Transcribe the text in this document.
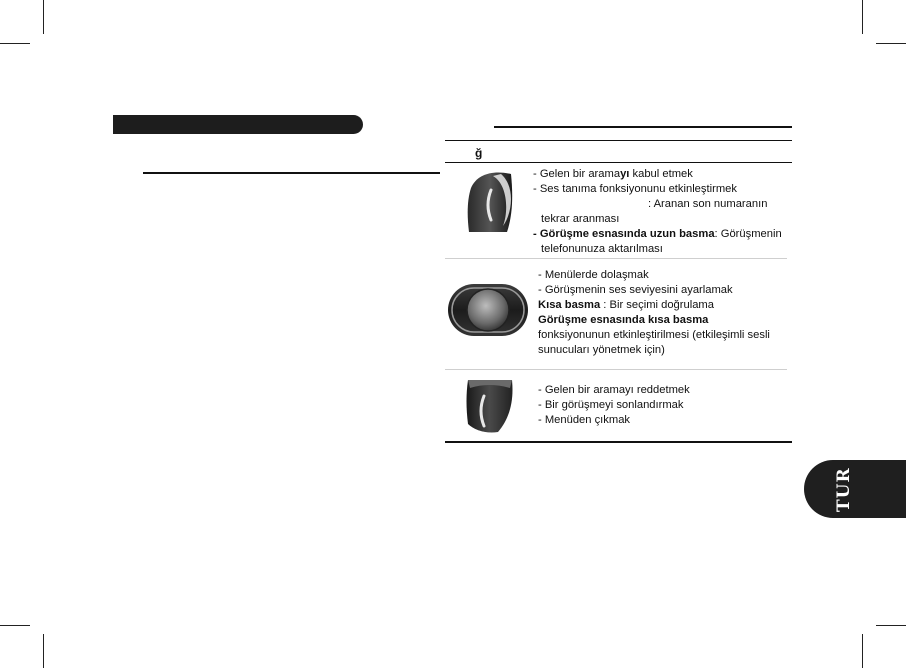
ğ
- Gelen bir aramayı kabul etmek
- Ses tanıma fonksiyonunu etkinleştirmek
: Aranan son numaranın
tekrar aranması
- Görüşme esnasında uzun basma: Görüşmenin
telefonunuza aktarılması
- Menülerde dolaşmak
- Görüşmenin ses seviyesini ayarlamak
Kısa basma : Bir seçimi doğrulama
Görüşme esnasında kısa basma
fonksiyonunun etkinleştirilmesi (etkileşimli sesli
sunucuları yönetmek için)
- Gelen bir aramayı reddetmek
- Bir görüşmeyi sonlandırmak
- Menüden çıkmak
TUR
